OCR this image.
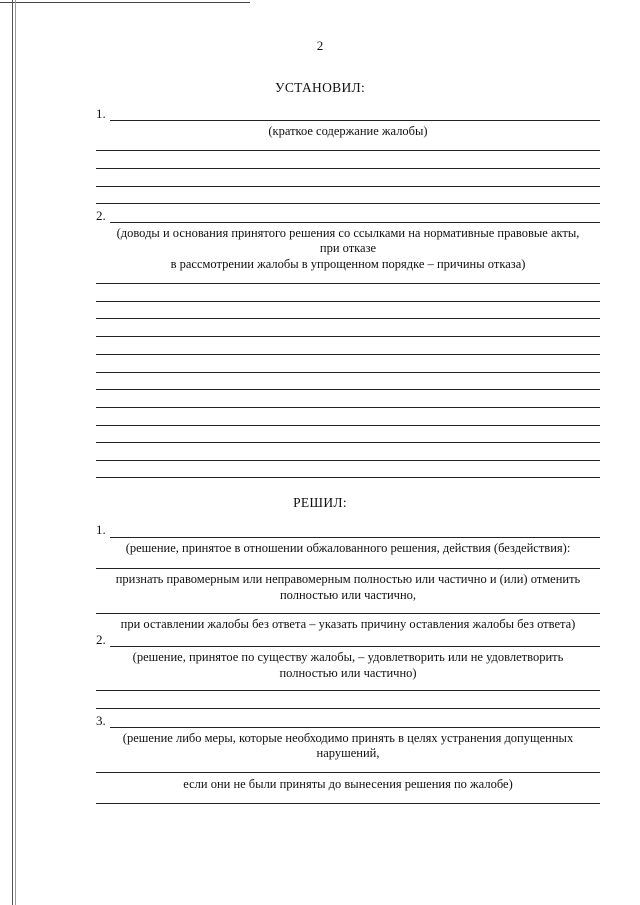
2
УСТАНОВИЛ:
1.
(краткое содержание жалобы)
2.
(доводы и основания принятого решения со ссылками на нормативные правовые акты,
при отказе
в рассмотрении жалобы в упрощенном порядке – причины отказа)
РЕШИЛ:
1.
(решение, принятое в отношении обжалованного решения, действия (бездействия):
признать правомерным или неправомерным полностью или частично и (или) отменить
полностью или частично,
при оставлении жалобы без ответа – указать причину оставления жалобы без ответа)
2.
(решение, принятое по существу жалобы, – удовлетворить или не удовлетворить
полностью или частично)
3.
(решение либо меры, которые необходимо принять в целях устранения допущенных
нарушений,
если они не были приняты до вынесения решения по жалобе)
